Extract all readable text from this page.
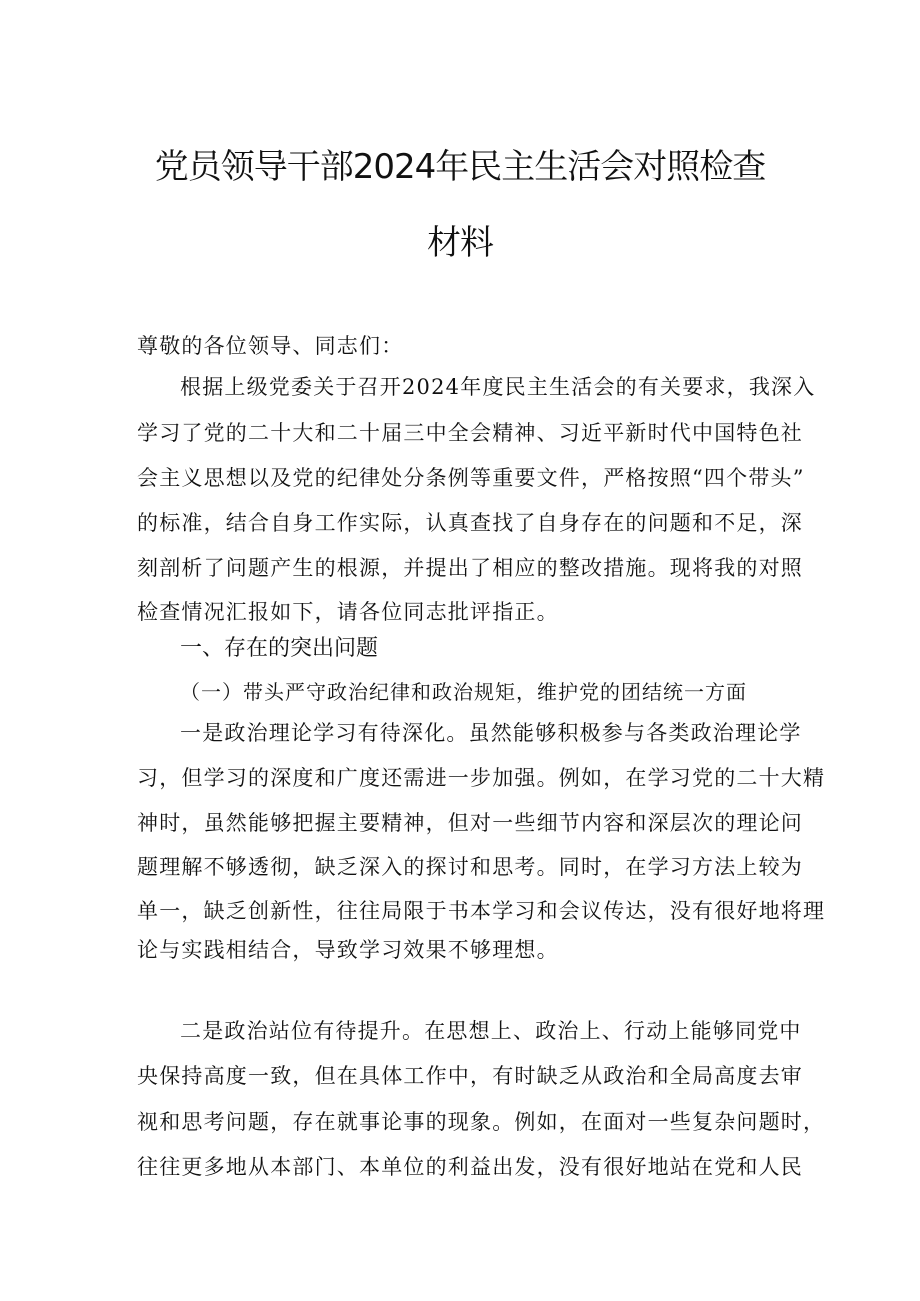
党员领导干部2024年民主生活会对照检查
材料
尊敬的各位领导、同志们：
根据上级党委关于召开2024年度民主生活会的有关要求，我深入
学习了党的二十大和二十届三中全会精神、习近平新时代中国特色社
会主义思想以及党的纪律处分条例等重要文件，严格按照“四个带头”
的标准，结合自身工作实际，认真查找了自身存在的问题和不足，深
刻剖析了问题产生的根源，并提出了相应的整改措施。现将我的对照
检查情况汇报如下，请各位同志批评指正。
一、存在的突出问题
（一）带头严守政治纪律和政治规矩，维护党的团结统一方面
一是政治理论学习有待深化。虽然能够积极参与各类政治理论学
习，但学习的深度和广度还需进一步加强。例如，在学习党的二十大精
神时，虽然能够把握主要精神，但对一些细节内容和深层次的理论问
题理解不够透彻，缺乏深入的探讨和思考。同时，在学习方法上较为
单一，缺乏创新性，往往局限于书本学习和会议传达，没有很好地将理
论与实践相结合，导致学习效果不够理想。
二是政治站位有待提升。在思想上、政治上、行动上能够同党中
央保持高度一致，但在具体工作中，有时缺乏从政治和全局高度去审
视和思考问题，存在就事论事的现象。例如，在面对一些复杂问题时，
往往更多地从本部门、本单位的利益出发，没有很好地站在党和人民
